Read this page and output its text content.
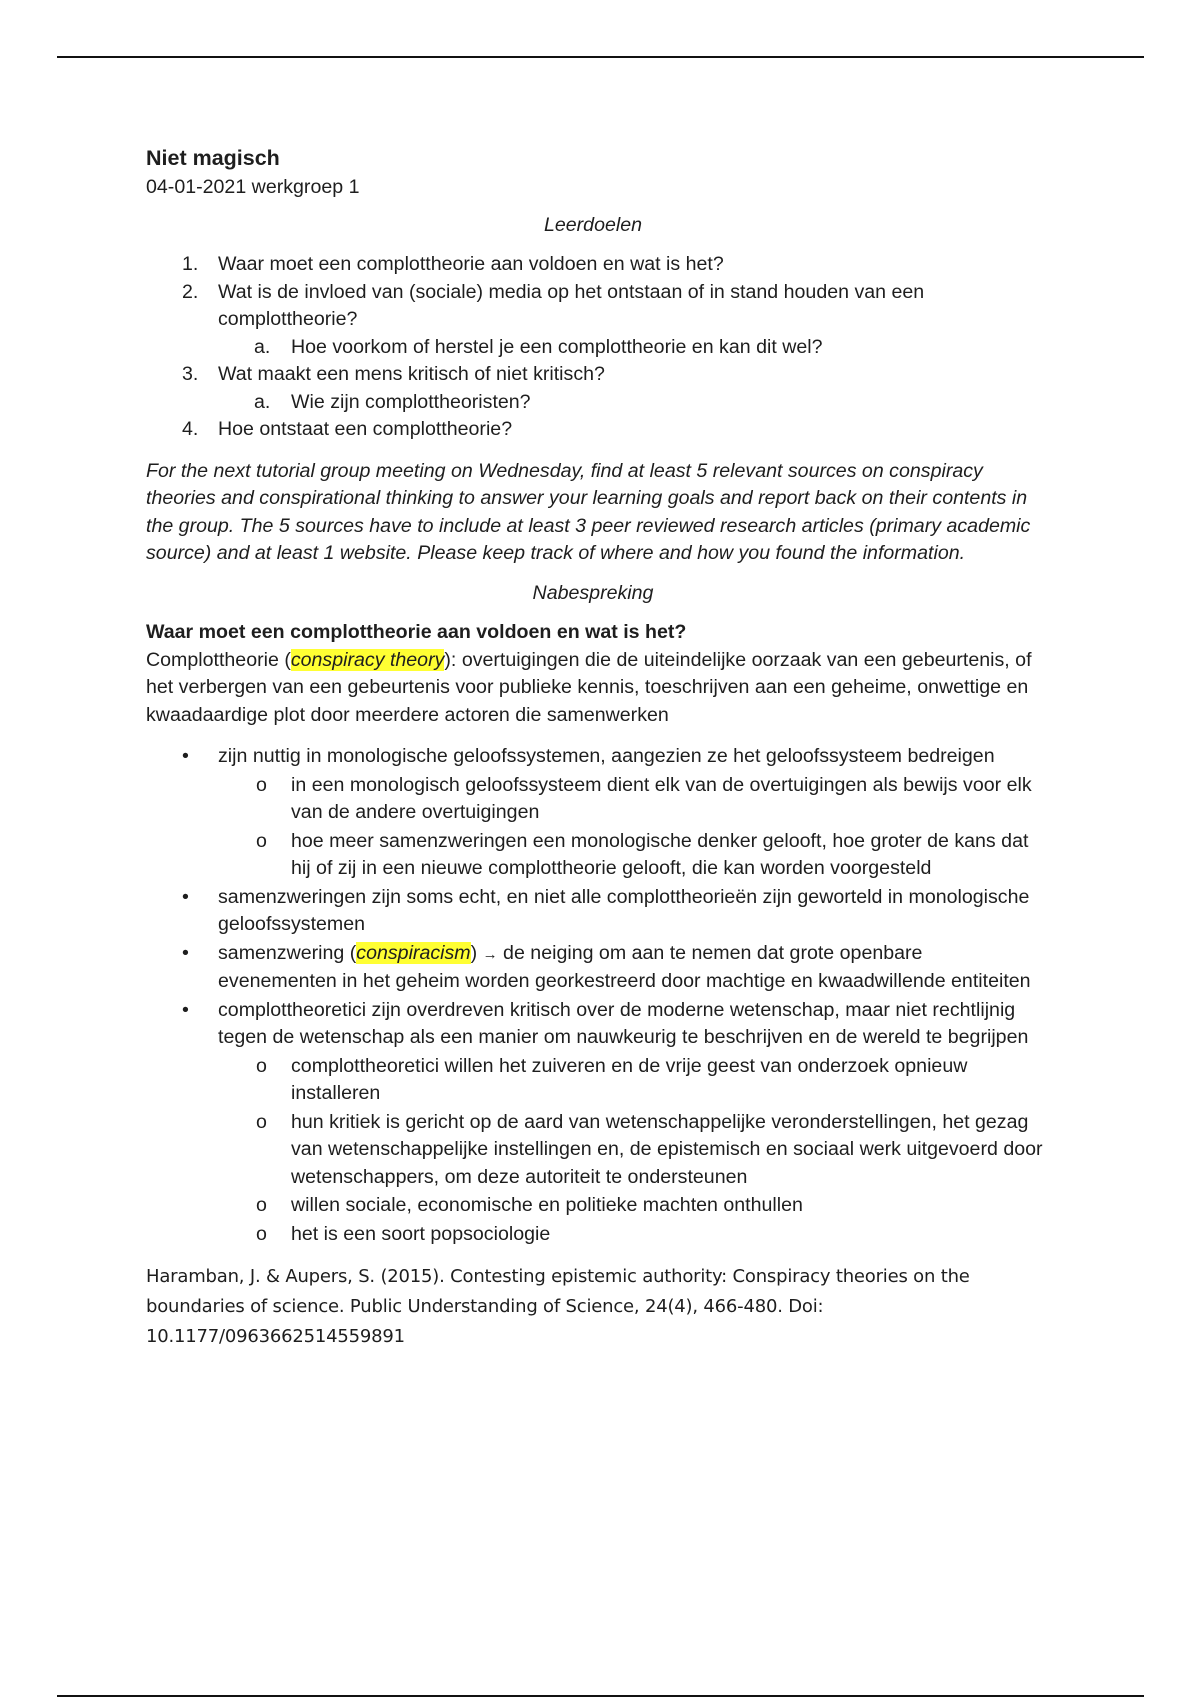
Niet magisch

04-01-2021 werkgroep 1

Leerdoelen

1. Waar moet een complottheorie aan voldoen en wat is het?
2. Wat is de invloed van (sociale) media op het ontstaan of in stand houden van een complottheorie?
a. Hoe voorkom of herstel je een complottheorie en kan dit wel?
3. Wat maakt een mens kritisch of niet kritisch?
a. Wie zijn complottheoristen?
4. Hoe ontstaat een complottheorie?

For the next tutorial group meeting on Wednesday, find at least 5 relevant sources on conspiracy theories and conspirational thinking to answer your learning goals and report back on their contents in the group. The 5 sources have to include at least 3 peer reviewed research articles (primary academic source) and at least 1 website. Please keep track of where and how you found the information.

Nabespreking

Waar moet een complottheorie aan voldoen en wat is het?

Complottheorie (conspiracy theory): overtuigingen die de uiteindelijke oorzaak van een gebeurtenis, of het verbergen van een gebeurtenis voor publieke kennis, toeschrijven aan een geheime, onwettige en kwaadaardige plot door meerdere actoren die samenwerken

• zijn nuttig in monologische geloofssystemen, aangezien ze het geloofssysteem bedreigen
o in een monologisch geloofssysteem dient elk van de overtuigingen als bewijs voor elk van de andere overtuigingen
o hoe meer samenzweringen een monologische denker gelooft, hoe groter de kans dat hij of zij in een nieuwe complottheorie gelooft, die kan worden voorgesteld
• samenzweringen zijn soms echt, en niet alle complottheorieën zijn geworteld in monologische geloofssystemen
• samenzwering (conspiracism) → de neiging om aan te nemen dat grote openbare evenementen in het geheim worden georkestreerd door machtige en kwaadwillende entiteiten
• complottheoretici zijn overdreven kritisch over de moderne wetenschap, maar niet rechtlijnig tegen de wetenschap als een manier om nauwkeurig te beschrijven en de wereld te begrijpen
o complottheoretici willen het zuiveren en de vrije geest van onderzoek opnieuw installeren
o hun kritiek is gericht op de aard van wetenschappelijke veronderstellingen, het gezag van wetenschappelijke instellingen en, de epistemisch en sociaal werk uitgevoerd door wetenschappers, om deze autoriteit te ondersteunen
o willen sociale, economische en politieke machten onthullen
o het is een soort popsociologie

Haramban, J. & Aupers, S. (2015). Contesting epistemic authority: Conspiracy theories on the boundaries of science. Public Understanding of Science, 24(4), 466-480. Doi: 10.1177/0963662514559891
